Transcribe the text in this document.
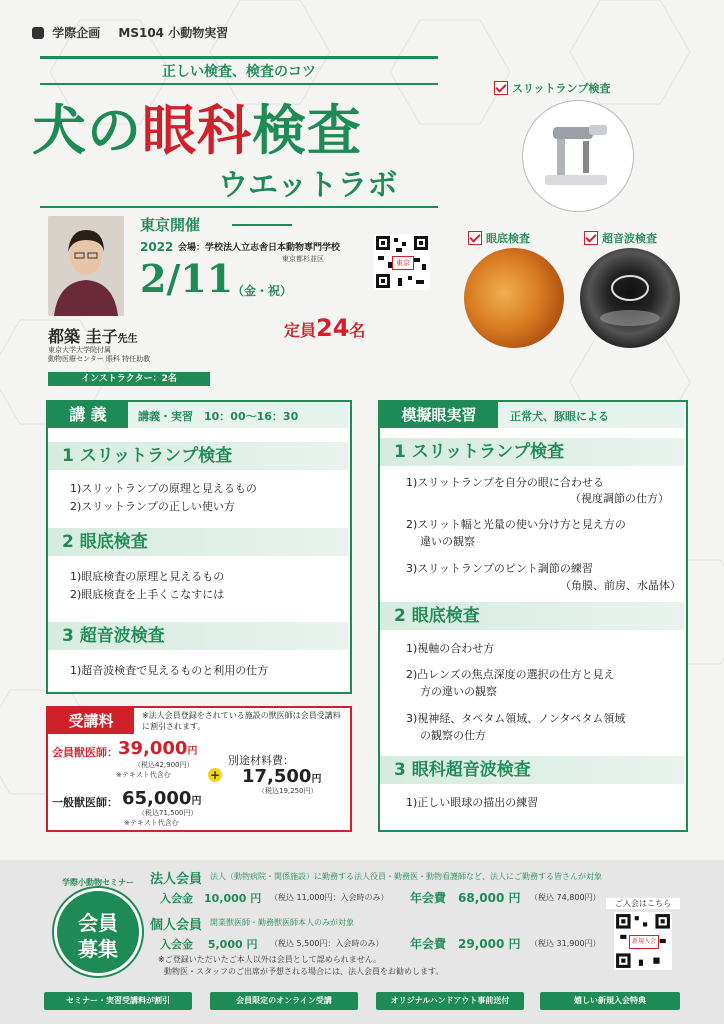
学際企画 MS104 小動物実習
正しい検査、検査のコツ
犬の眼科検査
ウエットラボ
スリットランプ検査
眼底検査	超音波検査
東京開催
2022 会場：学校法人立志舎日本動物専門学校
東京都杉並区
2/11
（金・祝）
東京
定員24名
都築 圭子先生
東京大学大学院付属
動物医療センター 眼科 特任助教
インストラクター：2名
講 義	講義・実習　10：00〜16：30
1 スリットランプ検査
1)スリットランプの原理と見えるもの
2)スリットランプの正しい使い方
2 眼底検査
1)眼底検査の原理と見えるもの
2)眼底検査を上手くこなすには
3 超音波検査
1)超音波検査で見えるものと利用の仕方
模擬眼実習	正常犬、豚眼による
1 スリットランプ検査
1)スリットランプを自分の眼に合わせる
（視度調節の仕方）
2)スリット幅と光量の使い分け方と見え方の
違いの観察
3)スリットランプのピント調節の練習
（角膜、前房、水晶体）
2 眼底検査
1)視軸の合わせ方
2)凸レンズの焦点深度の選択の仕方と見え
方の違いの観察
3)視神経、タペタム領域、ノンタペタム領域
の観察の仕方
3 眼科超音波検査
1)正しい眼球の描出の練習
受講料	※法人会員登録をされている施設の獣医師は会員受講料に割引されます。
会員獣医師： 39,000円
（税込42,900円）
※テキスト代含む
一般獣医師： 65,000円
（税込71,500円）
※テキスト代含む
+
別途材料費：
17,500円
（税込19,250円）
学際小動物セミナー
会員
募集
法人会員 法人（動物病院・関係施設）に勤務する法人役員・勤務医・動物看護師など、法人にご勤務する皆さんが対象
入会金　10,000 円 （税込 11,000円：入会時のみ） 年会費　68,000 円 （税込 74,800円）
個人会員 開業獣医師・勤務獣医師本人のみが対象
入会金　 5,000 円 （税込 5,500円：入会時のみ） 年会費　29,000 円 （税込 31,900円）
※ご登録いただいたご本人以外は会員として認められません。
動物医・スタッフのご出席が予想される場合には、法人会員をお勧めします。
ご入会はこちら
新規入会
セミナー・実習受講料が割引	会員限定のオンライン受講	オリジナルハンドアウト事前送付	嬉しい新規入会特典
